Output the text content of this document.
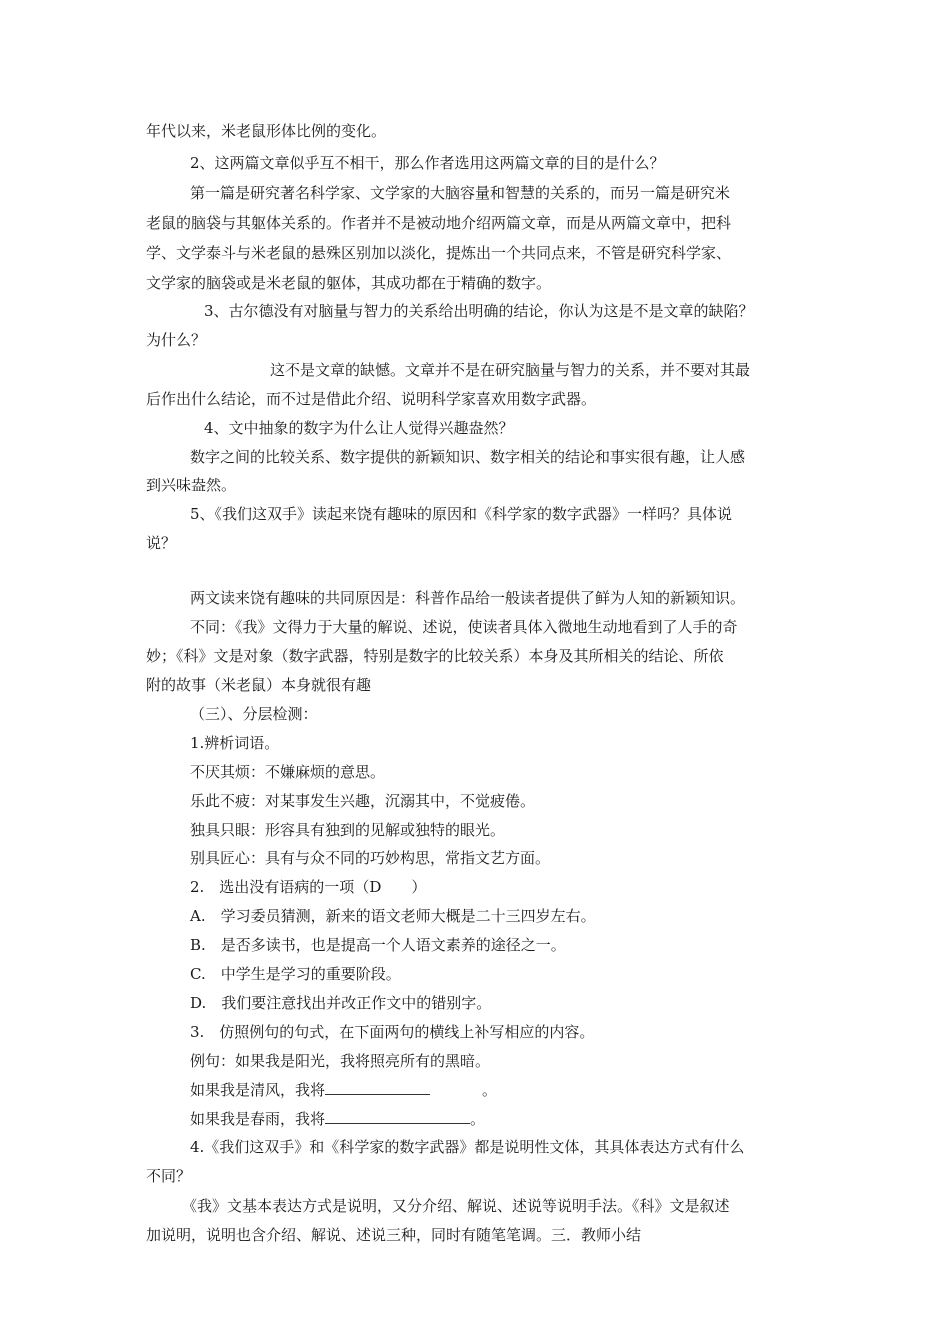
年代以来，米老鼠形体比例的变化。
2、这两篇文章似乎互不相干，那么作者选用这两篇文章的目的是什么？
第一篇是研究著名科学家、文学家的大脑容量和智慧的关系的，而另一篇是研究米
老鼠的脑袋与其躯体关系的。作者并不是被动地介绍两篇文章，而是从两篇文章中，把科
学、文学泰斗与米老鼠的悬殊区别加以淡化，提炼出一个共同点来，不管是研究科学家、
文学家的脑袋或是米老鼠的躯体，其成功都在于精确的数字。
3、古尔德没有对脑量与智力的关系给出明确的结论，你认为这是不是文章的缺陷？
为什么？
这不是文章的缺憾。文章并不是在研究脑量与智力的关系，并不要对其最
后作出什么结论，而不过是借此介绍、说明科学家喜欢用数字武器。
4、文中抽象的数字为什么让人觉得兴趣盎然？
数字之间的比较关系、数字提供的新颖知识、数字相关的结论和事实很有趣，让人感
到兴味盎然。
5、《我们这双手》读起来饶有趣味的原因和《科学家的数字武器》一样吗？具体说
说？
两文读来饶有趣味的共同原因是：科普作品给一般读者提供了鲜为人知的新颖知识。
不同：《我》文得力于大量的解说、述说，使读者具体入微地生动地看到了人手的奇
妙；《科》文是对象（数字武器，特别是数字的比较关系）本身及其所相关的结论、所依
附的故事（米老鼠）本身就很有趣
（三）、分层检测：
1.辨析词语。
不厌其烦：不嫌麻烦的意思。
乐此不疲：对某事发生兴趣，沉溺其中，不觉疲倦。
独具只眼：形容具有独到的见解或独特的眼光。
别具匠心：具有与众不同的巧妙构思，常指文艺方面。
2.　选出没有语病的一项（D　　）
A.　学习委员猜测，新来的语文老师大概是二十三四岁左右。
B.　是否多读书，也是提高一个人语文素养的途径之一。
C.　中学生是学习的重要阶段。
D.　我们要注意找出并改正作文中的错别字。
3.　仿照例句的句式，在下面两句的横线上补写相应的内容。
例句：如果我是阳光，我将照亮所有的黑暗。
如果我是清风，我将	。
如果我是春雨，我将	。
4.《我们这双手》和《科学家的数字武器》都是说明性文体，其具体表达方式有什么
不同？
《我》文基本表达方式是说明，又分介绍、解说、述说等说明手法。《科》文是叙述
加说明，说明也含介绍、解说、述说三种，同时有随笔笔调。三．教师小结
